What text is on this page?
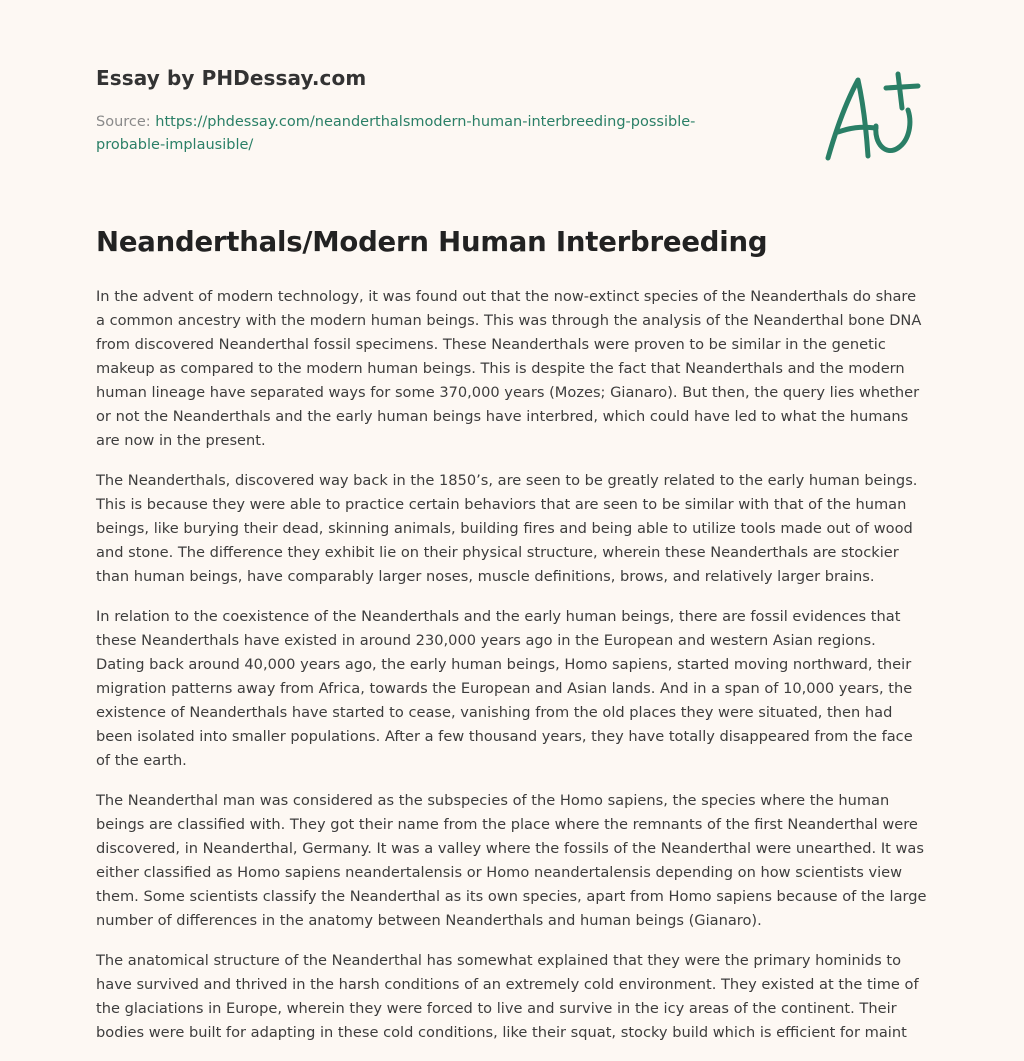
Essay by PHDessay.com
Source: https://phdessay.com/neanderthalsmodern-human-interbreeding-possible-probable-implausible/
Neanderthals/Modern Human Interbreeding

In the advent of modern technology, it was found out that the now-extinct species of the Neanderthals do share a common ancestry with the modern human beings. This was through the analysis of the Neanderthal bone DNA from discovered Neanderthal fossil specimens. These Neanderthals were proven to be similar in the genetic makeup as compared to the modern human beings. This is despite the fact that Neanderthals and the modern human lineage have separated ways for some 370,000 years (Mozes; Gianaro). But then, the query lies whether or not the Neanderthals and the early human beings have interbred, which could have led to what the humans are now in the present.

The Neanderthals, discovered way back in the 1850’s, are seen to be greatly related to the early human beings. This is because they were able to practice certain behaviors that are seen to be similar with that of the human beings, like burying their dead, skinning animals, building fires and being able to utilize tools made out of wood and stone. The difference they exhibit lie on their physical structure, wherein these Neanderthals are stockier than human beings, have comparably larger noses, muscle definitions, brows, and relatively larger brains.

In relation to the coexistence of the Neanderthals and the early human beings, there are fossil evidences that these Neanderthals have existed in around 230,000 years ago in the European and western Asian regions. Dating back around 40,000 years ago, the early human beings, Homo sapiens, started moving northward, their migration patterns away from Africa, towards the European and Asian lands. And in a span of 10,000 years, the existence of Neanderthals have started to cease, vanishing from the old places they were situated, then had been isolated into smaller populations. After a few thousand years, they have totally disappeared from the face of the earth.

The Neanderthal man was considered as the subspecies of the Homo sapiens, the species where the human beings are classified with. They got their name from the place where the remnants of the first Neanderthal were discovered, in Neanderthal, Germany. It was a valley where the fossils of the Neanderthal were unearthed. It was either classified as Homo sapiens neandertalensis or Homo neandertalensis depending on how scientists view them. Some scientists classify the Neanderthal as its own species, apart from Homo sapiens because of the large number of differences in the anatomy between Neanderthals and human beings (Gianaro).

The anatomical structure of the Neanderthal has somewhat explained that they were the primary hominids to have survived and thrived in the harsh conditions of an extremely cold environment. They existed at the time of the glaciations in Europe, wherein they were forced to live and survive in the icy areas of the continent. Their bodies were built for adapting in these cold conditions, like their squat, stocky build which is efficient for maint
